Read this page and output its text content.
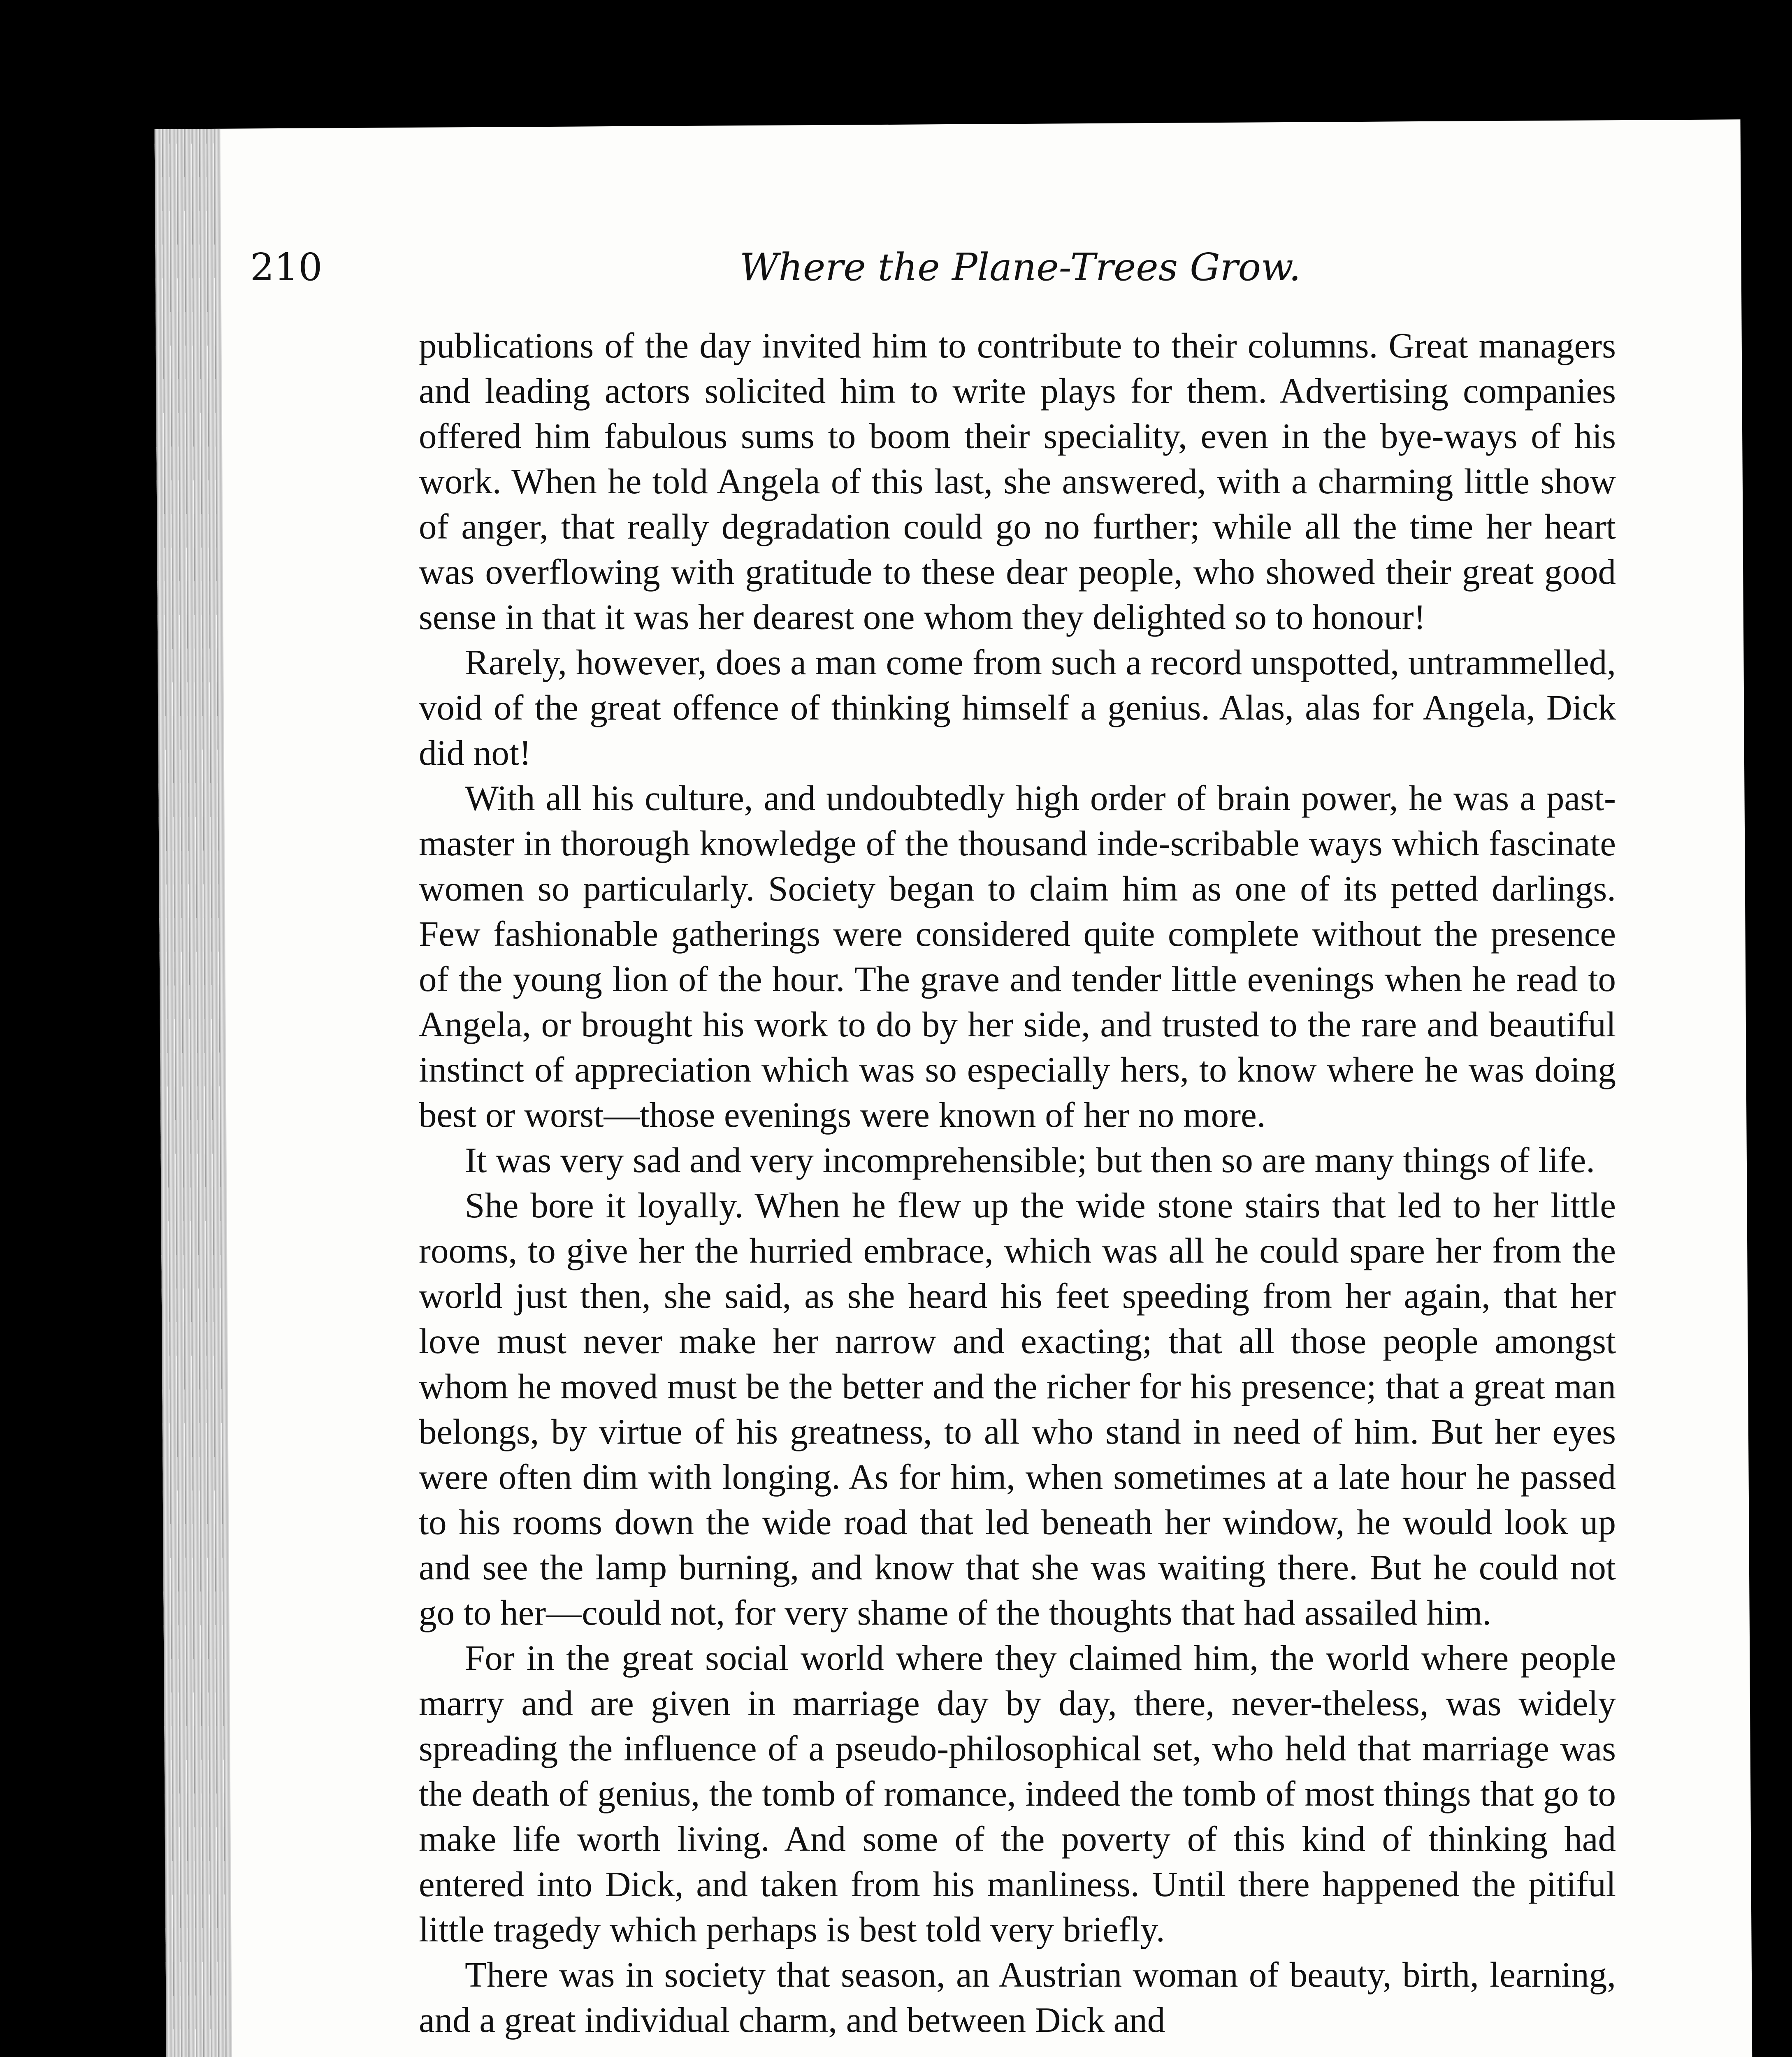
210	Where the Plane-Trees Grow.

publications of the day invited him to contribute to their columns. Great managers and leading actors solicited him to write plays for them. Advertising companies offered him fabulous sums to boom their speciality, even in the bye-ways of his work. When he told Angela of this last, she answered, with a charming little show of anger, that really degradation could go no further; while all the time her heart was overflowing with gratitude to these dear people, who showed their great good sense in that it was her dearest one whom they delighted so to honour!

Rarely, however, does a man come from such a record unspotted, untrammelled, void of the great offence of thinking himself a genius. Alas, alas for Angela, Dick did not!

With all his culture, and undoubtedly high order of brain power, he was a past-master in thorough knowledge of the thousand inde-scribable ways which fascinate women so particularly. Society began to claim him as one of its petted darlings. Few fashionable gatherings were considered quite complete without the presence of the young lion of the hour. The grave and tender little evenings when he read to Angela, or brought his work to do by her side, and trusted to the rare and beautiful instinct of appreciation which was so especially hers, to know where he was doing best or worst—those evenings were known of her no more.

It was very sad and very incomprehensible; but then so are many things of life.

She bore it loyally. When he flew up the wide stone stairs that led to her little rooms, to give her the hurried embrace, which was all he could spare her from the world just then, she said, as she heard his feet speeding from her again, that her love must never make her narrow and exacting; that all those people amongst whom he moved must be the better and the richer for his presence; that a great man belongs, by virtue of his greatness, to all who stand in need of him. But her eyes were often dim with longing. As for him, when sometimes at a late hour he passed to his rooms down the wide road that led beneath her window, he would look up and see the lamp burning, and know that she was waiting there. But he could not go to her—could not, for very shame of the thoughts that had assailed him.

For in the great social world where they claimed him, the world where people marry and are given in marriage day by day, there, never-theless, was widely spreading the influence of a pseudo-philosophical set, who held that marriage was the death of genius, the tomb of romance, indeed the tomb of most things that go to make life worth living. And some of the poverty of this kind of thinking had entered into Dick, and taken from his manliness. Until there happened the pitiful little tragedy which perhaps is best told very briefly.

There was in society that season, an Austrian woman of beauty, birth, learning, and a great individual charm, and between Dick and
